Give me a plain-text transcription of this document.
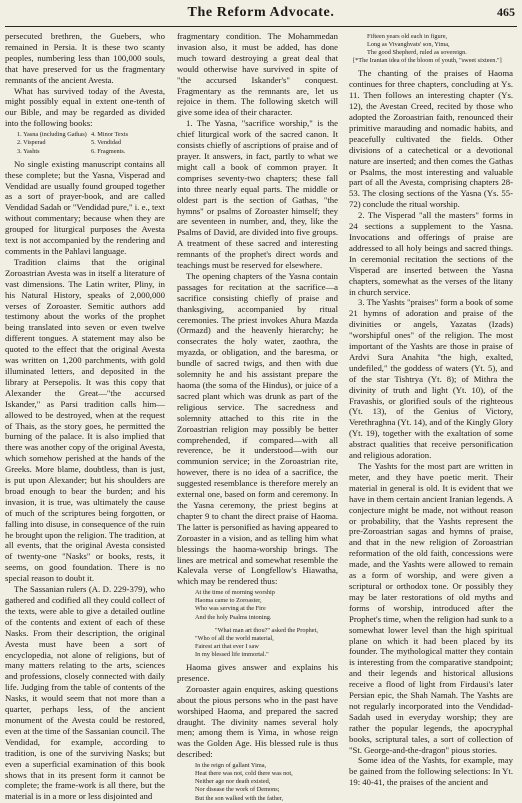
The Reform Advocate.	465

persecuted brethren, the Guebers, who remained in Persia. It is these two scanty peoples, numbering less than 100,000 souls, that have preserved for us the fragmentary remnants of the ancient Avesta.

What has survived today of the Avesta, might possibly equal in extent one-tenth of our Bible, and may be regarded as divided into the following books:

1. Yasna (including Gathas) 4. Minor Texts
2. Visperad	5. Vendidad
3. Yashts	6. Fragments.

No single existing manuscript contains all these complete; but the Yasna, Visperad and Vendidad are usually found grouped together as a sort of prayer-book, and are called Vendidad Sadah or "Vendidad pure," i. e., text without commentary; because when they are grouped for liturgical purposes the Avesta text is not accompanied by the rendering and comments in the Pahlavi language.

Tradition claims that the original Zoroastrian Avesta was in itself a literature of vast dimensions. The Latin writer, Pliny, in his Natural History, speaks of 2,000,000 verses of Zoroaster. Semitic authors add testimony about the works of the prophet being translated into seven or even twelve different tongues. A statement may also be quoted to the effect that the original Avesta was written on 1,200 parchments, with gold illuminated letters, and deposited in the library at Persepolis. It was this copy that Alexander the Great—"the accursed Iskander," as Parsi tradition calls him—allowed to be destroyed, when at the request of Thais, as the story goes, he permitted the burning of the palace. It is also implied that there was another copy of the original Avesta, which somehow perished at the hands of the Greeks. More blame, doubtless, than is just, is put upon Alexander; but his shoulders are broad enough to bear the burden; and his invasion, it is true, was ultimately the cause of much of the scriptures being forgotten, or falling into disuse, in consequence of the ruin he brought upon the religion. The tradition, at all events, that the original Avesta consisted of twenty-one "Nasks" or books, rests, it seems, on good foundation. There is no special reason to doubt it.

The Sassanian rulers (A. D. 229-379), who gathered and codified all they could collect of the texts, were able to give a detailed outline of the contents and extent of each of these Nasks. From their description, the original Avesta must have been a sort of encyclopedia, not alone of religions, but of many matters relating to the arts, sciences and professions, closely connected with daily life. Judging from the table of contents of the Nasks, it would seem that not more than a quarter, perhaps less, of the ancient monument of the Avesta could be restored, even at the time of the Sassanian council. The Vendidad, for example, according to tradition, is one of the surviving Nasks; but even a superficial examination of this book shows that in its present form it cannot be complete; the frame-work is all there, but the material is in a more or less disjointed and

fragmentary condition. The Mohammedan invasion also, it must be added, has done much toward destroying a great deal that would otherwise have survived in spite of "the accursed Iskander's" conquest. Fragmentary as the remnants are, let us rejoice in them. The following sketch will give some idea of their character.

1. The Yasna, "sacrifice worship," is the chief liturgical work of the sacred canon. It consists chiefly of ascriptions of praise and of prayer. It answers, in fact, partly to what we might call a book of common prayer. It comprises seventy-two chapters; these fall into three nearly equal parts. The middle or oldest part is the section of Gathas, "the hymns" or psalms of Zoroaster himself; they are seventeen in number, and, they, like the Psalms of David, are divided into five groups. A treatment of these sacred and interesting remnants of the prophet's direct words and teachings must be reserved for elsewhere.

The opening chapters of the Yasna contain passages for recitation at the sacrifice—a sacrifice consisting chiefly of praise and thanksgiving, accompanied by ritual ceremonies. The priest invokes Ahura Mazda (Ormazd) and the heavenly hierarchy; he consecrates the holy water, zaothra, the myazda, or obligation, and the baresma, or bundle of sacred twigs, and then with due solemnity he and his assistant prepare the haoma (the soma of the Hindus), or juice of a sacred plant which was drunk as part of the religious service. The sacredness and solemnity attached to this rite in the Zoroastrian religion may possibly be better comprehended, if compared—with all reverence, be it understood—with our communion service; in the Zoroastrian rite, however, there is no idea of a sacrifice, the suggested resemblance is therefore merely an external one, based on form and ceremony. In the Yasna ceremony, the priest begins at chapter 9 to chant the direct praise of Haoma. The latter is personified as having appeared to Zoroaster in a vision, and as telling him what blessings the haoma-worship brings. The lines are metrical and somewhat resemble the Kalevala verse of Longfellow's Hiawatha, which may be rendered thus:

At the time of morning worship
Haoma came to Zoroaster,
Who was serving at the Fire
And the holy Psalms intoning.
"What man art thou?" asked the Prophet,
"Who of all the world material,
Fairest art that ever I saw
In my blessed life immortal."

Haoma gives answer and explains his presence.

Zoroaster again enquires, asking questions about the pious persons who in the past have worshiped Haoma, and prepared the sacred draught. The divinity names several holy men; among them is Yima, in whose reign was the Golden Age. His blessed rule is thus described:

In the reign of gallant Yima,
Heat there was not, cold there was not,
Neither age nor death existed,
Nor disease the work of Demons;
But the son walked with the father,
Fifteen years old each in figure,
Long as Vivanghvats' son, Yima,
The good Shepherd, ruled as sovereign.
[*The Iranian idea of the bloom of youth, "sweet sixteen."]

The chanting of the praises of Haoma continues for three chapters, concluding at Ys. 11. Then follows an interesting chapter (Ys. 12), the Avestan Creed, recited by those who adopted the Zoroastrian faith, renounced their primitive marauding and nomadic habits, and peacefully cultivated the fields. Other divisions of a catechetical or a devotional nature are inserted; and then comes the Gathas or Psalms, the most interesting and valuable part of all the Avesta, comprising chapters 28-53. The closing sections of the Yasna (Ys. 55-72) conclude the ritual worship.

2. The Visperad "all the masters" forms in 24 sections a supplement to the Yasna. Invocations and offerings of praise are addressed to all holy beings and sacred things. In ceremonial recitation the sections of the Visperad are inserted between the Yasna chapters, somewhat as the verses of the litany in church service.

3. The Yashts "praises" form a book of some 21 hymns of adoration and praise of the divinities or angels, Yazatas (Izads) "worshipful ones" of the religion. The most important of the Yashts are those in praise of Ardvi Sura Anahita "the high, exalted, undefiled," the goddess of waters (Yt. 5), and of the star Tishtrya (Yt. 8); of Mithra the divinity of truth and light (Yt. 10), of the Fravashis, or glorified souls of the righteous (Yt. 13), of the Genius of Victory, Verethraghna (Yt. 14), and of the Kingly Glory (Yt. 19), together with the exaltation of some abstract qualities that receive personification and religious adoration.

The Yashts for the most part are written in meter, and they have poetic merit. Their material in general is old. It is evident that we have in them certain ancient Iranian legends. A conjecture might be made, not without reason or probability, that the Yashts represent the pre-Zoroastrian sagas and hymns of praise, and that in the new religion of Zoroastrian reformation of the old faith, concessions were made, and the Yashts were allowed to remain as a form of worship, and were given a scriptural or orthodox tone. Or possibly they may be later restorations of old myths and forms of worship, introduced after the Prophet's time, when the religion had sunk to a somewhat lower level than the high spiritual plane on which it had been placed by its founder. The mythological matter they contain is interesting from the comparative standpoint; and their legends and historical allusions receive a flood of light from Firdausi's later Persian epic, the Shah Namah. The Yashts are not regularly incorporated into the Vendidad-Sadah used in everyday worship; they are rather the popular legends, the apocryphal books, scriptural tales, a sort of collection of "St. George-and-the-dragon" pious stories.

Some idea of the Yashts, for example, may be gained from the following selections: In Yt. 19: 40-41, the praises of the ancient and
